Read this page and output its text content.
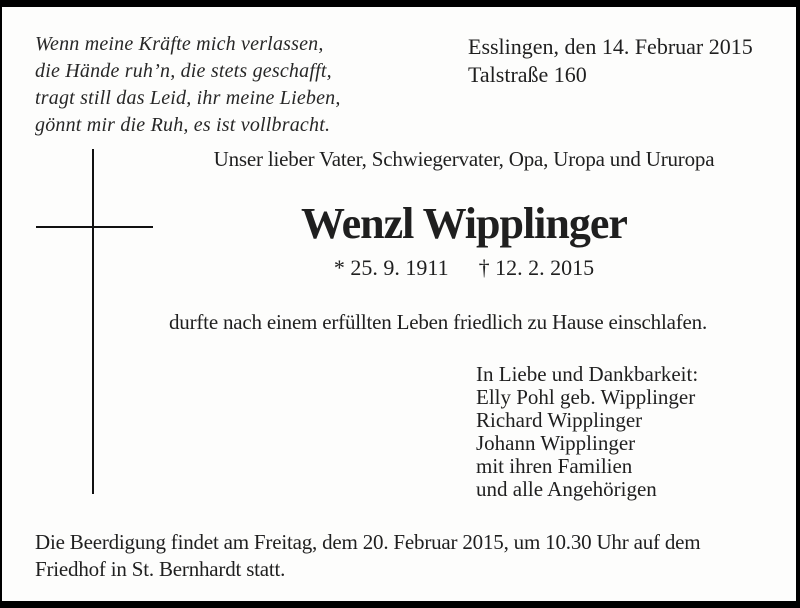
Wenn meine Kräfte mich verlassen,
die Hände ruh’n, die stets geschafft,
tragt still das Leid, ihr meine Lieben,
gönnt mir die Ruh, es ist vollbracht.
Esslingen, den 14. Februar 2015
Talstraße 160
Unser lieber Vater, Schwiegervater, Opa, Uropa und Ururopa
Wenzl Wipplinger
* 25. 9. 1911 † 12. 2. 2015
durfte nach einem erfüllten Leben friedlich zu Hause einschlafen.
In Liebe und Dankbarkeit:
Elly Pohl geb. Wipplinger
Richard Wipplinger
Johann Wipplinger
mit ihren Familien
und alle Angehörigen
Die Beerdigung findet am Freitag, dem 20. Februar 2015, um 10.30 Uhr auf dem
Friedhof in St. Bernhardt statt.
